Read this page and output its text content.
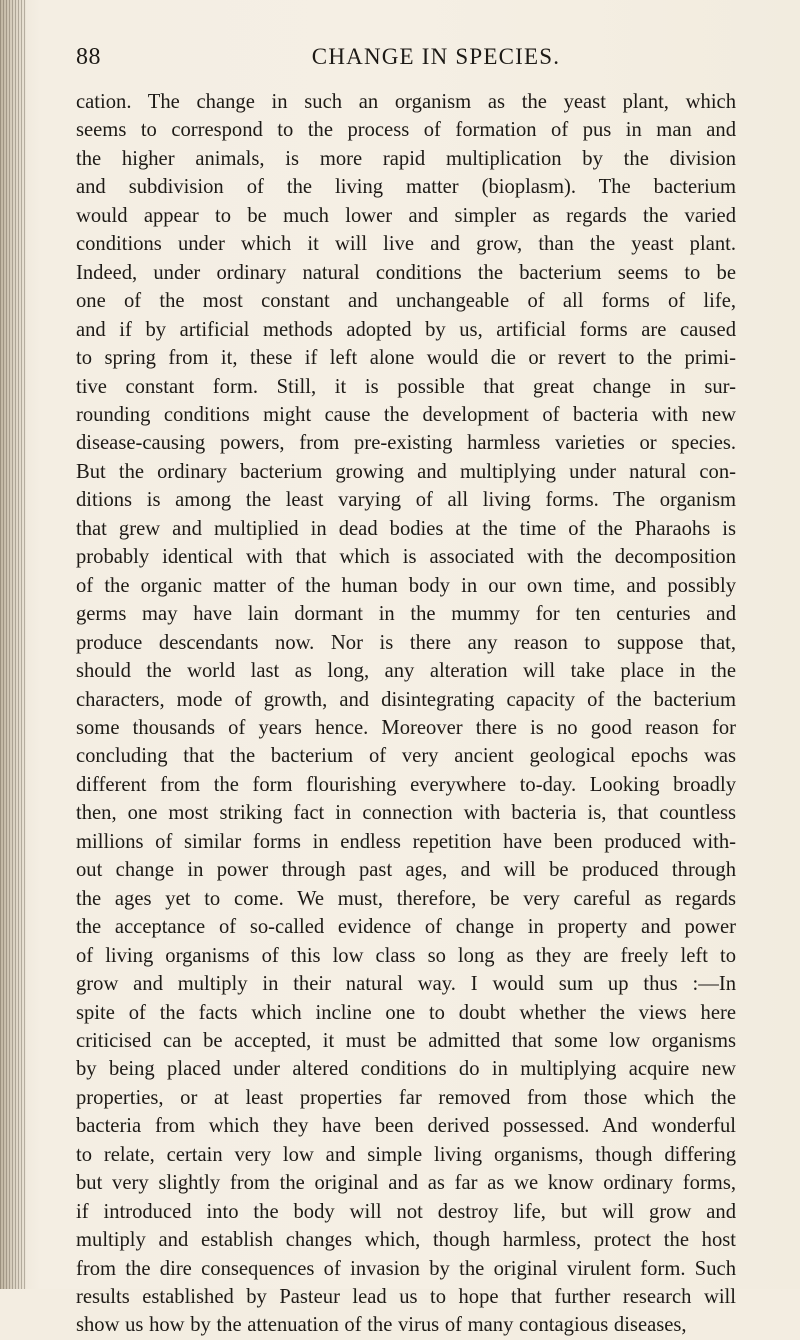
88	CHANGE IN SPECIES.
cation. The change in such an organism as the yeast plant, which
seems to correspond to the process of formation of pus in man and
the higher animals, is more rapid multiplication by the division
and subdivision of the living matter (bioplasm). The bacterium
would appear to be much lower and simpler as regards the varied
conditions under which it will live and grow, than the yeast plant.
Indeed, under ordinary natural conditions the bacterium seems to be
one of the most constant and unchangeable of all forms of life,
and if by artificial methods adopted by us, artificial forms are caused
to spring from it, these if left alone would die or revert to the primi-
tive constant form. Still, it is possible that great change in sur-
rounding conditions might cause the development of bacteria with new
disease-causing powers, from pre-existing harmless varieties or species.
But the ordinary bacterium growing and multiplying under natural con-
ditions is among the least varying of all living forms. The organism
that grew and multiplied in dead bodies at the time of the Pharaohs is
probably identical with that which is associated with the decomposition
of the organic matter of the human body in our own time, and possibly
germs may have lain dormant in the mummy for ten centuries and
produce descendants now. Nor is there any reason to suppose that,
should the world last as long, any alteration will take place in the
characters, mode of growth, and disintegrating capacity of the bacterium
some thousands of years hence. Moreover there is no good reason for
concluding that the bacterium of very ancient geological epochs was
different from the form flourishing everywhere to-day. Looking broadly
then, one most striking fact in connection with bacteria is, that countless
millions of similar forms in endless repetition have been produced with-
out change in power through past ages, and will be produced through
the ages yet to come. We must, therefore, be very careful as regards
the acceptance of so-called evidence of change in property and power
of living organisms of this low class so long as they are freely left to
grow and multiply in their natural way. I would sum up thus :—In
spite of the facts which incline one to doubt whether the views here
criticised can be accepted, it must be admitted that some low organisms
by being placed under altered conditions do in multiplying acquire new
properties, or at least properties far removed from those which the
bacteria from which they have been derived possessed. And wonderful
to relate, certain very low and simple living organisms, though differing
but very slightly from the original and as far as we know ordinary forms,
if introduced into the body will not destroy life, but will grow and
multiply and establish changes which, though harmless, protect the host
from the dire consequences of invasion by the original virulent form. Such
results established by Pasteur lead us to hope that further research will
show us how by the attenuation of the virus of many contagious diseases,
